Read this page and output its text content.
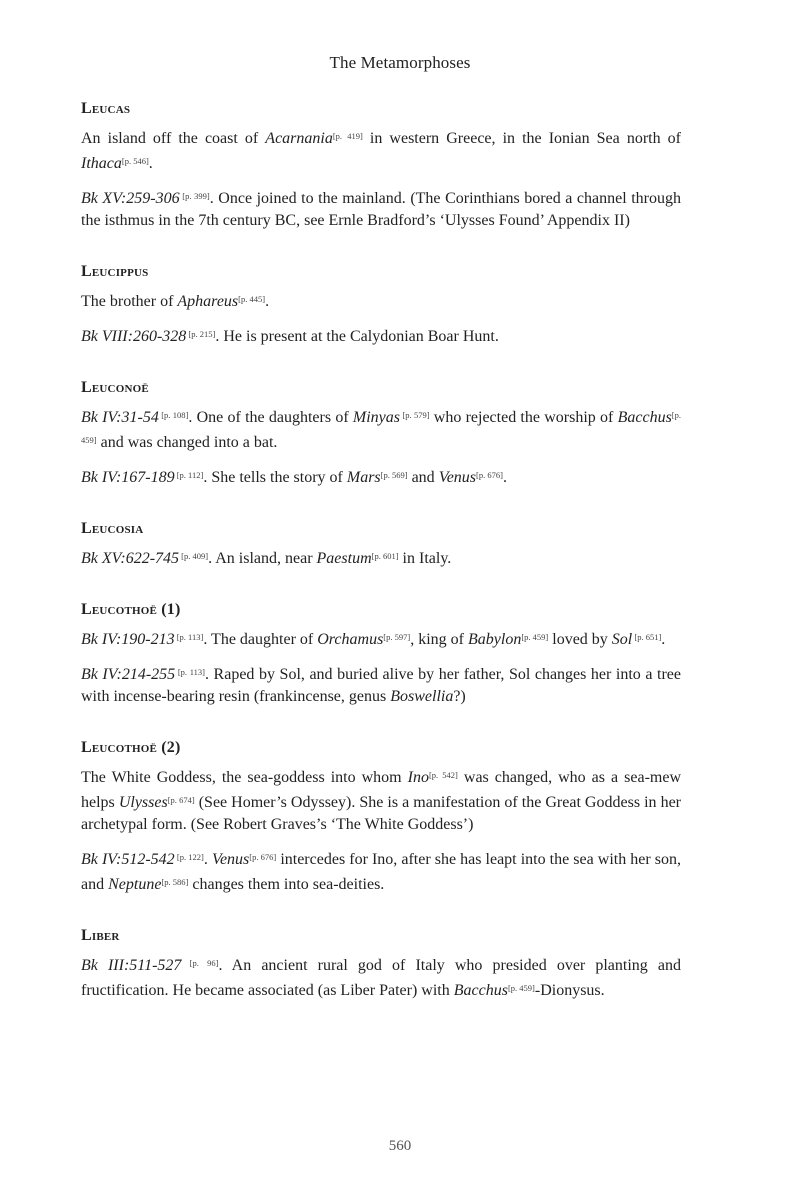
The Metamorphoses
Leucas

An island off the coast of Acarnania[p. 419] in western Greece, in the Ionian Sea north of Ithaca[p. 546].

Bk XV:259-306 [p. 399]. Once joined to the mainland. (The Corinthians bored a channel through the isthmus in the 7th century BC, see Ernle Bradford’s ‘Ulysses Found’ Appendix II)

Leucippus

The brother of Aphareus[p. 445].

Bk VIII:260-328 [p. 215]. He is present at the Calydonian Boar Hunt.

Leuconoë

Bk IV:31-54 [p. 108]. One of the daughters of Minyas [p. 579] who rejected the worship of Bacchus[p. 459] and was changed into a bat.

Bk IV:167-189 [p. 112]. She tells the story of Mars[p. 569] and Venus[p. 676].

Leucosia

Bk XV:622-745 [p. 409]. An island, near Paestum[p. 601] in Italy.

Leucothoë (1)

Bk IV:190-213 [p. 113]. The daughter of Orchamus[p. 597], king of Babylon[p. 459] loved by Sol [p. 651].

Bk IV:214-255 [p. 113]. Raped by Sol, and buried alive by her father, Sol changes her into a tree with incense-bearing resin (frankincense, genus Boswellia?)

Leucothoë (2)

The White Goddess, the sea-goddess into whom Ino[p. 542] was changed, who as a sea-mew helps Ulysses[p. 674] (See Homer’s Odyssey). She is a manifestation of the Great Goddess in her archetypal form. (See Robert Graves’s ‘The White Goddess’)

Bk IV:512-542 [p. 122]. Venus[p. 676] intercedes for Ino, after she has leapt into the sea with her son, and Neptune[p. 586] changes them into sea-deities.

Liber

Bk III:511-527 [p. 96]. An ancient rural god of Italy who presided over planting and fructification. He became associated (as Liber Pater) with Bacchus[p. 459]-Dionysus.

560
